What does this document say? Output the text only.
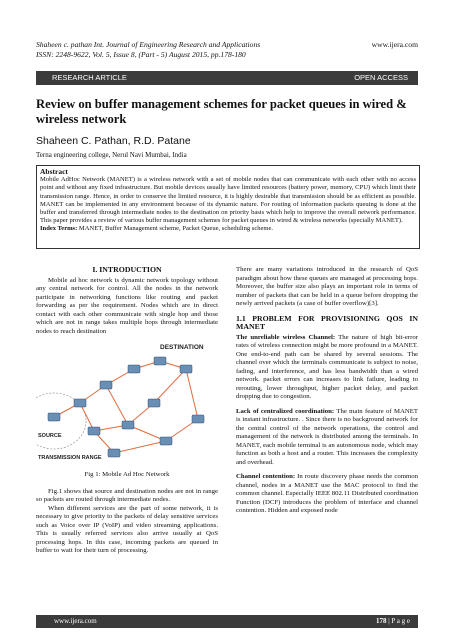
Shaheen c. pathan Int. Journal of Engineering Research and Applications
ISSN: 2248-9622, Vol. 5, Issue 8, (Part - 5) August 2015, pp.178-180
www.ijera.com
RESEARCH ARTICLE	OPEN ACCESS
Review on buffer management schemes for packet queues in wired & wireless network
Shaheen C. Pathan, R.D. Patane
Terna engineering college, Nerul Navi Mumbai, India
Abstract
Mobile AdHoc Network (MANET) is a wireless network with a set of mobile nodes that can communicate with each other with no access point and without any fixed infrastructure. But mobile devices usually have limited resources (battery power, memory, CPU) which limit their transmission range. Hence, in order to conserve the limited resource, it is highly desirable that transmission should be as efficient as possible. MANET can be implemented in any environment because of its dynamic nature. For routing of information packets queuing is done at the buffer and transferred through intermediate nodes to the destination on priority basis which help to improve the overall network performance. This paper provides a review of various buffer management schemes for packet queues in wired & wireless networks (specially MANET).
Index Terms: MANET, Buffer Management scheme, Packet Queue, scheduling scheme.
I. INTRODUCTION

Mobile ad hoc network is dynamic network topology without any central network for control. All the nodes in the network participate in networking functions like routing and packet forwarding as per the requirement. Nodes which are in direct contact with each other communicate with single hop and those which are not in range takes multiple hops through intermediate nodes to reach destination

DESTINATION
SOURCE
TRANSMISSION RANGE
Fig 1: Mobile Ad Hoc Network

Fig.1 shows that source and destination nodes are not in range so packets are routed through intermediate nodes.

When different services are the part of some network, it is necessary to give priority to the packets of delay sensitive services such as Voice over IP (VoIP) and video streaming applications. This is usually referred services also arrive usually at QoS processing hops. In this case, incoming packets are queued in buffer to wait for their turn of processing.

There are many variations introduced in the research of QoS paradigm about how these queues are managed at processing hops. Moreover, the buffer size also plays an important role in terms of number of packets that can be held in a queue before dropping the newly arrived packets (a case of buffer overflow)[3].

1.1 PROBLEM FOR PROVISIONING QOS IN MANET

The unreliable wireless Channel: The nature of high bit-error rates of wireless connection might be more profound in a MANET. One end-to-end path can be shared by several sessions. The channel over which the terminals communicate is subject to noise, fading, and interference, and has less bandwidth than a wired network. packet errors can increases to link failure, leading to rerouting, lower throughput, higher packet delay, and packet dropping due to congestion.

Lack of centralized coordination: The main feature of MANET is instant infrastructure. . Since there is no background network for the central control of the network operations, the control and management of the network is distributed among the terminals. In MANET, each mobile terminal is an autonomous node, which may function as both a host and a router. This increases the complexity and overhead.

Channel contention: In route discovery phase needs the common channel, nodes in a MANET use the MAC protocol to find the common channel. Especially IEEE 802.11 Distributed coordination Function (DCF) introduces the problem of interface and channel contention. Hidden and exposed node

www.ijera.com	178 | P a g e
